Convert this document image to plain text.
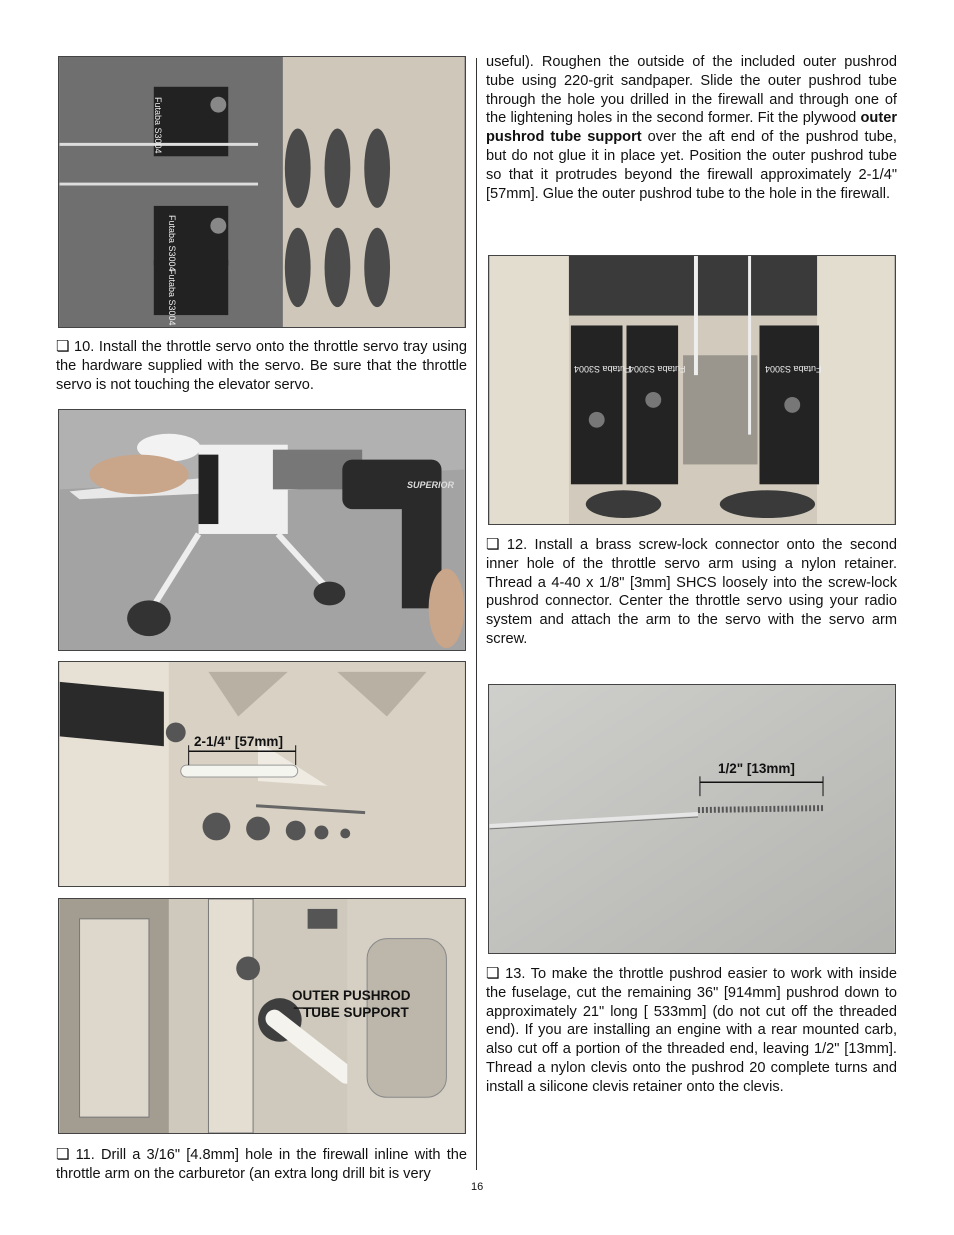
Futaba S3004
Futaba S3004
Futaba S3004

❏ 10. Install the throttle servo onto the throttle servo tray using the hardware supplied with the servo. Be sure that the throttle servo is not touching the elevator servo.

SUPERIOR
2-1/4" [57mm]
OUTER PUSHROD
TUBE SUPPORT

❏ 11. Drill a 3/16" [4.8mm] hole in the firewall inline with the throttle arm on the carburetor (an extra long drill bit is very

useful). Roughen the outside of the included outer pushrod tube using 220-grit sandpaper. Slide the outer pushrod tube through the hole you drilled in the firewall and through one of the lightening holes in the second former. Fit the plywood outer pushrod tube support over the aft end of the pushrod tube, but do not glue it in place yet. Position the outer pushrod tube so that it protrudes beyond the firewall approximately 2-1/4" [57mm]. Glue the outer pushrod tube to the hole in the firewall.

Futaba S3004
Futaba S3004	Futaba S3004

❏ 12. Install a brass screw-lock connector onto the second inner hole of the throttle servo arm using a nylon retainer. Thread a 4-40 x 1/8" [3mm] SHCS loosely into the screw-lock pushrod connector. Center the throttle servo using your radio system and attach the arm to the servo with the servo arm screw.

1/2" [13mm]

❏ 13. To make the throttle pushrod easier to work with inside the fuselage, cut the remaining 36" [914mm] pushrod down to approximately 21" long [ 533mm] (do not cut off the threaded end). If you are installing an engine with a rear mounted carb, also cut off a portion of the threaded end, leaving 1/2" [13mm]. Thread a nylon clevis onto the pushrod 20 complete turns and install a silicone clevis retainer onto the clevis.

16
